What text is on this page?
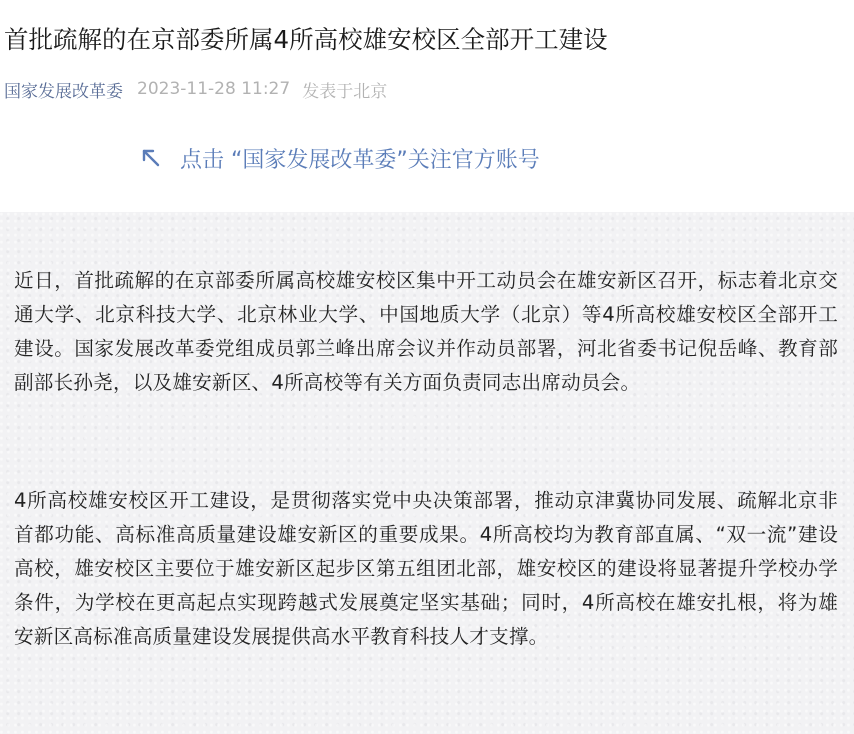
首批疏解的在京部委所属4所高校雄安校区全部开工建设
国家发展改革委 2023-11-28 11:27 发表于北京
点击 “国家发展改革委”关注官方账号

近日，首批疏解的在京部委所属高校雄安校区集中开工动员会在雄安新区召开，标志着北京交通大学、北京科技大学、北京林业大学、中国地质大学（北京）等4所高校雄安校区全部开工建设。国家发展改革委党组成员郭兰峰出席会议并作动员部署，河北省委书记倪岳峰、教育部副部长孙尧，以及雄安新区、4所高校等有关方面负责同志出席动员会。

4所高校雄安校区开工建设，是贯彻落实党中央决策部署，推动京津冀协同发展、疏解北京非首都功能、高标准高质量建设雄安新区的重要成果。4所高校均为教育部直属、“双一流”建设高校，雄安校区主要位于雄安新区起步区第五组团北部，雄安校区的建设将显著提升学校办学条件，为学校在更高起点实现跨越式发展奠定坚实基础；同时，4所高校在雄安扎根，将为雄安新区高标准高质量建设发展提供高水平教育科技人才支撑。
